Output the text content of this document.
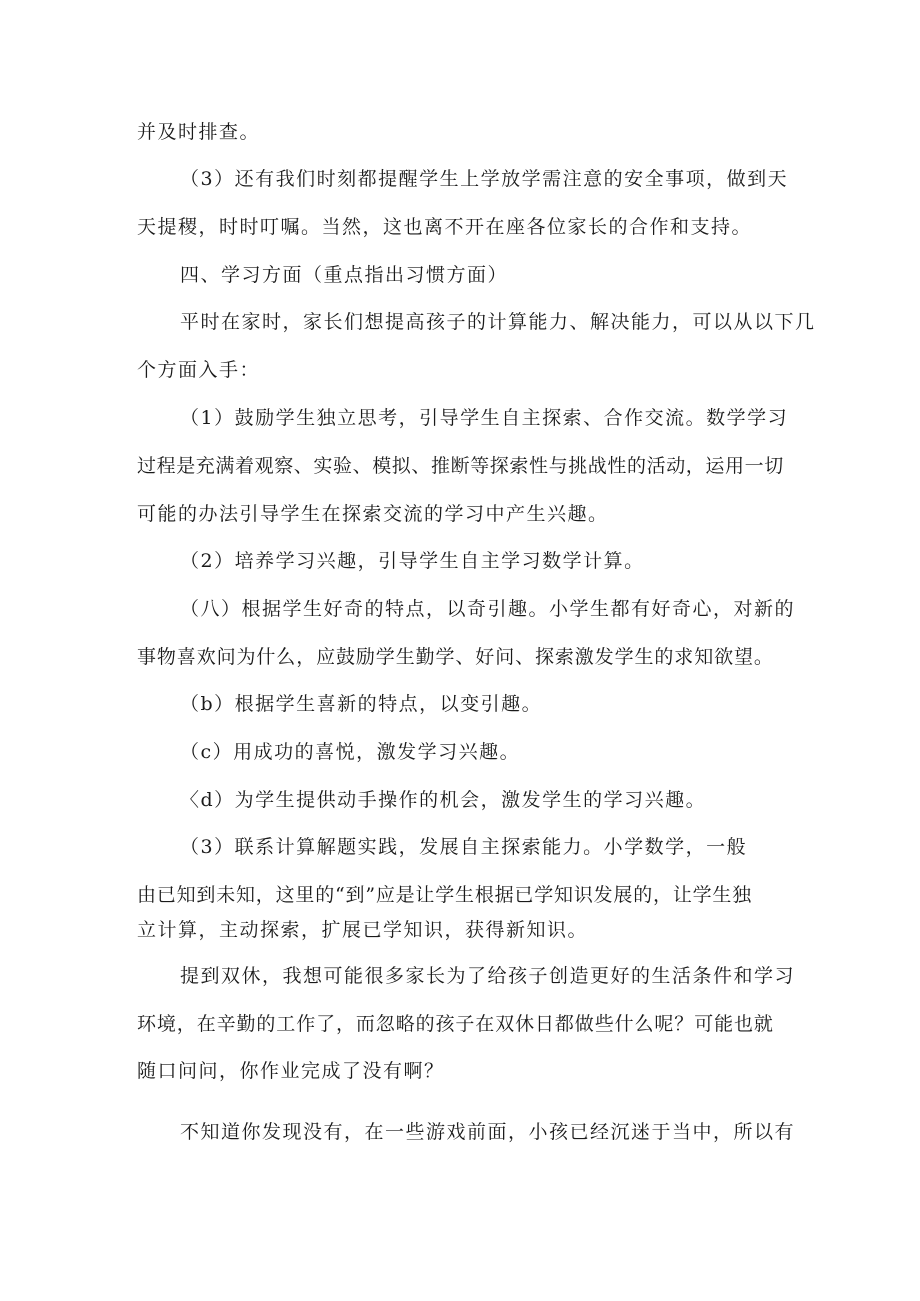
并及时排查。
（3）还有我们时刻都提醒学生上学放学需注意的安全事项，做到天
天提稷，时时叮嘱。当然，这也离不开在座各位家长的合作和支持。
四、学习方面（重点指出习惯方面）
平时在家时，家长们想提高孩子的计算能力、解决能力，可以从以下几
个方面入手：
（1）鼓励学生独立思考，引导学生自主探索、合作交流。数学学习
过程是充满着观察、实验、模拟、推断等探索性与挑战性的活动，运用一切
可能的办法引导学生在探索交流的学习中产生兴趣。
（2）培养学习兴趣，引导学生自主学习数学计算。
（八）根据学生好奇的特点，以奇引趣。小学生都有好奇心，对新的
事物喜欢问为什么，应鼓励学生勤学、好问、探索激发学生的求知欲望。
（b）根据学生喜新的特点，以变引趣。
（c）用成功的喜悦，激发学习兴趣。
〈d）为学生提供动手操作的机会，激发学生的学习兴趣。
（3）联系计算解题实践，发展自主探索能力。小学数学，一般
由已知到未知，这里的“到”应是让学生根据已学知识发展的，让学生独
立计算，主动探索，扩展已学知识，获得新知识。
提到双休，我想可能很多家长为了给孩子创造更好的生活条件和学习
环境，在辛勤的工作了，而忽略的孩子在双休日都做些什么呢？可能也就
随口问问，你作业完成了没有啊？
不知道你发现没有，在一些游戏前面，小孩已经沉迷于当中，所以有
